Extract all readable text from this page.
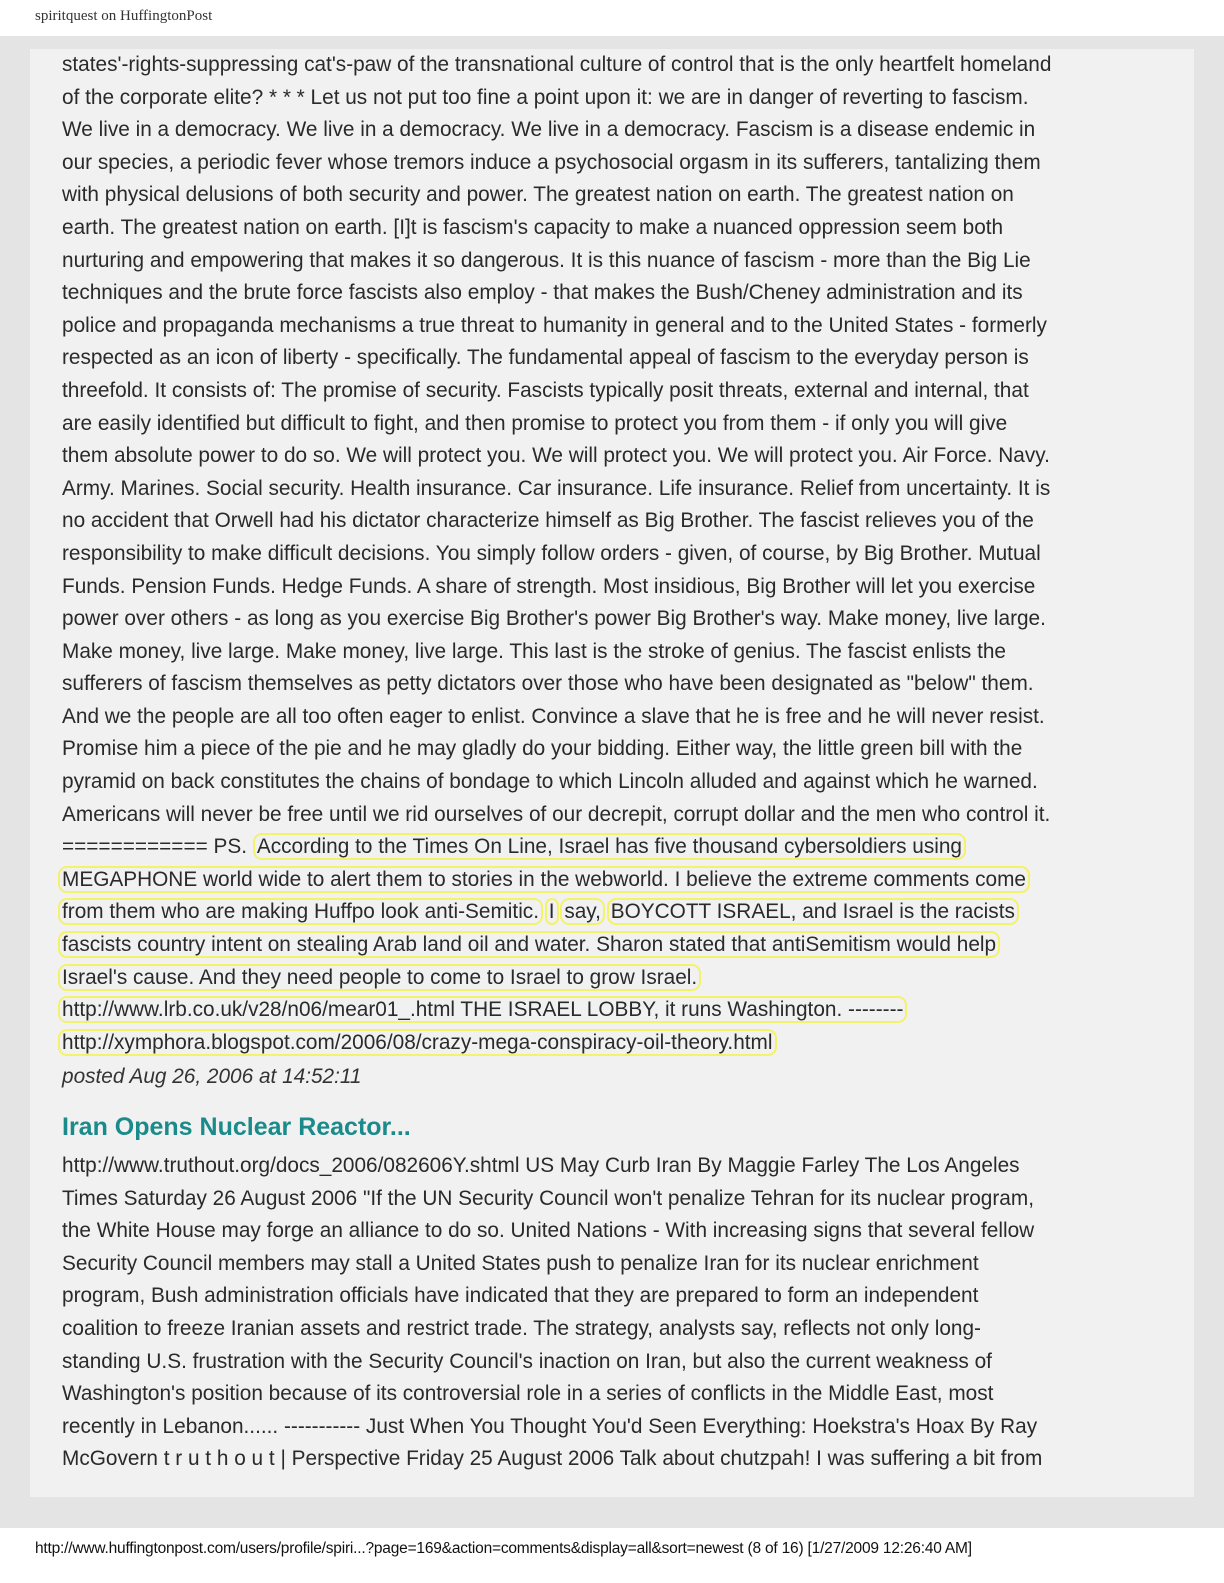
spiritquest on HuffingtonPost
states'-rights-suppressing cat's-paw of the transnational culture of control that is the only heartfelt homeland
of the corporate elite? * * * Let us not put too fine a point upon it: we are in danger of reverting to fascism.
We live in a democracy. We live in a democracy. We live in a democracy. Fascism is a disease endemic in
our species, a periodic fever whose tremors induce a psychosocial orgasm in its sufferers, tantalizing them
with physical delusions of both security and power. The greatest nation on earth. The greatest nation on
earth. The greatest nation on earth. [I]t is fascism's capacity to make a nuanced oppression seem both
nurturing and empowering that makes it so dangerous. It is this nuance of fascism - more than the Big Lie
techniques and the brute force fascists also employ - that makes the Bush/Cheney administration and its
police and propaganda mechanisms a true threat to humanity in general and to the United States - formerly
respected as an icon of liberty - specifically. The fundamental appeal of fascism to the everyday person is
threefold. It consists of: The promise of security. Fascists typically posit threats, external and internal, that
are easily identified but difficult to fight, and then promise to protect you from them - if only you will give
them absolute power to do so. We will protect you. We will protect you. We will protect you. Air Force. Navy.
Army. Marines. Social security. Health insurance. Car insurance. Life insurance. Relief from uncertainty. It is
no accident that Orwell had his dictator characterize himself as Big Brother. The fascist relieves you of the
responsibility to make difficult decisions. You simply follow orders - given, of course, by Big Brother. Mutual
Funds. Pension Funds. Hedge Funds. A share of strength. Most insidious, Big Brother will let you exercise
power over others - as long as you exercise Big Brother's power Big Brother's way. Make money, live large.
Make money, live large. Make money, live large. This last is the stroke of genius. The fascist enlists the
sufferers of fascism themselves as petty dictators over those who have been designated as "below" them.
And we the people are all too often eager to enlist. Convince a slave that he is free and he will never resist.
Promise him a piece of the pie and he may gladly do your bidding. Either way, the little green bill with the
pyramid on back constitutes the chains of bondage to which Lincoln alluded and against which he warned.
Americans will never be free until we rid ourselves of our decrepit, corrupt dollar and the men who control it.
============ PS. According to the Times On Line, Israel has five thousand cybersoldiers using
MEGAPHONE world wide to alert them to stories in the webworld. I believe the extreme comments come
from them who are making Huffpo look anti-Semitic. I say, BOYCOTT ISRAEL, and Israel is the racists
fascists country intent on stealing Arab land oil and water. Sharon stated that antiSemitism would help
Israel's cause. And they need people to come to Israel to grow Israel.
http://www.lrb.co.uk/v28/n06/mear01_.html THE ISRAEL LOBBY, it runs Washington. --------
http://xymphora.blogspot.com/2006/08/crazy-mega-conspiracy-oil-theory.html
posted Aug 26, 2006 at 14:52:11
Iran Opens Nuclear Reactor...
http://www.truthout.org/docs_2006/082606Y.shtml US May Curb Iran By Maggie Farley The Los Angeles
Times Saturday 26 August 2006 "If the UN Security Council won't penalize Tehran for its nuclear program,
the White House may forge an alliance to do so. United Nations - With increasing signs that several fellow
Security Council members may stall a United States push to penalize Iran for its nuclear enrichment
program, Bush administration officials have indicated that they are prepared to form an independent
coalition to freeze Iranian assets and restrict trade. The strategy, analysts say, reflects not only long-
standing U.S. frustration with the Security Council's inaction on Iran, but also the current weakness of
Washington's position because of its controversial role in a series of conflicts in the Middle East, most
recently in Lebanon...... ----------- Just When You Thought You'd Seen Everything: Hoekstra's Hoax By Ray
McGovern t r u t h o u t | Perspective Friday 25 August 2006 Talk about chutzpah! I was suffering a bit from
http://www.huffingtonpost.com/users/profile/spiri...?page=169&action=comments&display=all&sort=newest (8 of 16) [1/27/2009 12:26:40 AM]
